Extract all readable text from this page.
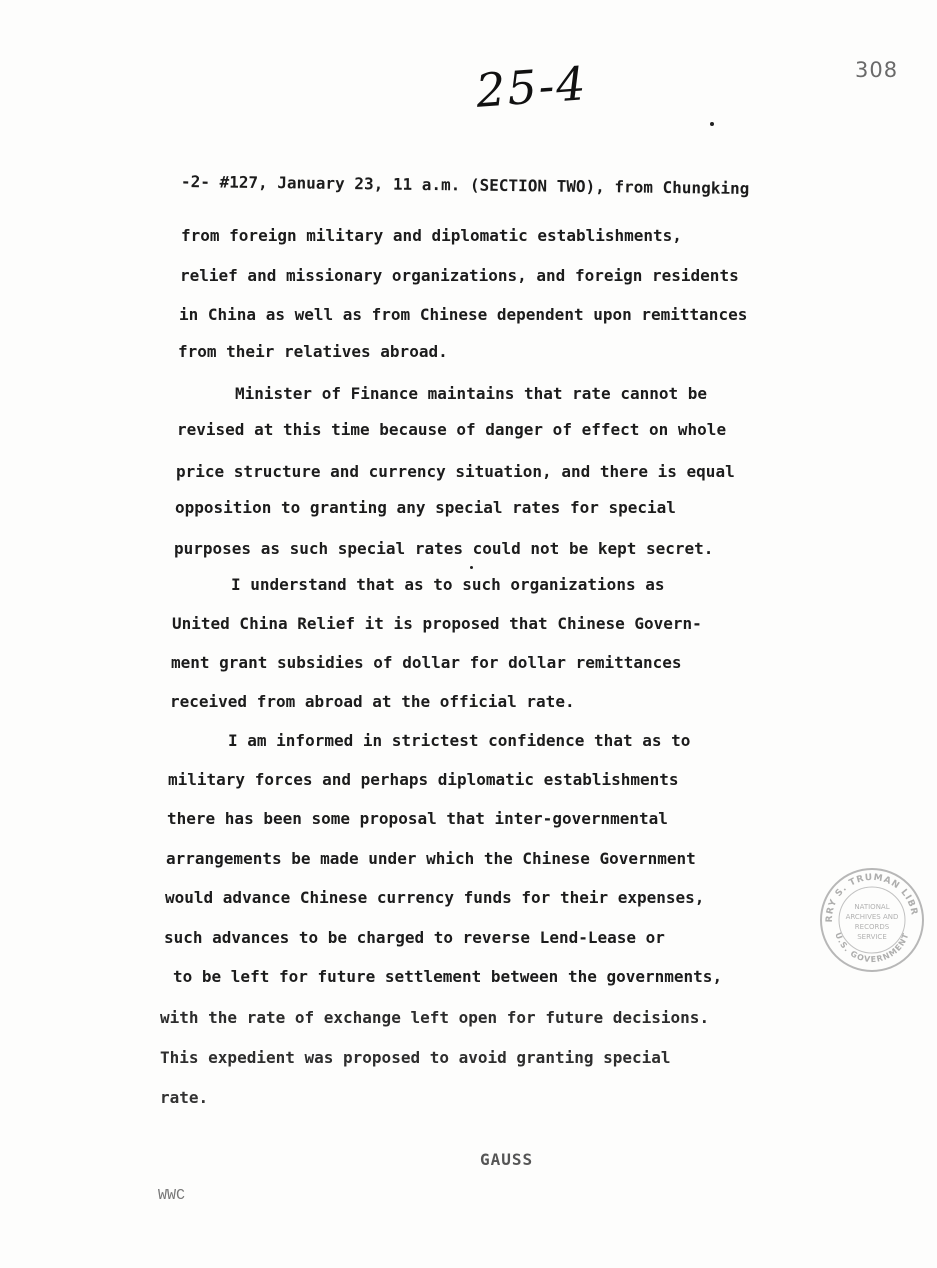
25-4	308
-2- #127, January 23, 11 a.m. (SECTION TWO), from Chungking
from foreign military and diplomatic establishments,
relief and missionary organizations, and foreign residents
in China as well as from Chinese dependent upon remittances
from their relatives abroad.
Minister of Finance maintains that rate cannot be
revised at this time because of danger of effect on whole
price structure and currency situation, and there is equal
opposition to granting any special rates for special
purposes as such special rates could not be kept secret.
I understand that as to such organizations as
United China Relief it is proposed that Chinese Govern-
ment grant subsidies of dollar for dollar remittances
received from abroad at the official rate.
I am informed in strictest confidence that as to
military forces and perhaps diplomatic establishments
there has been some proposal that inter-governmental
arrangements be made under which the Chinese Government
would advance Chinese currency funds for their expenses,
such advances to be charged to reverse Lend-Lease or
to be left for future settlement between the governments,
with the rate of exchange left open for future decisions.
This expedient was proposed to avoid granting special
rate.
GAUSS
WWC
RRY S. TRUMAN LIBR
U.S. GOVERNMENT
NATIONAL
ARCHIVES AND
RECORDS
SERVICE
